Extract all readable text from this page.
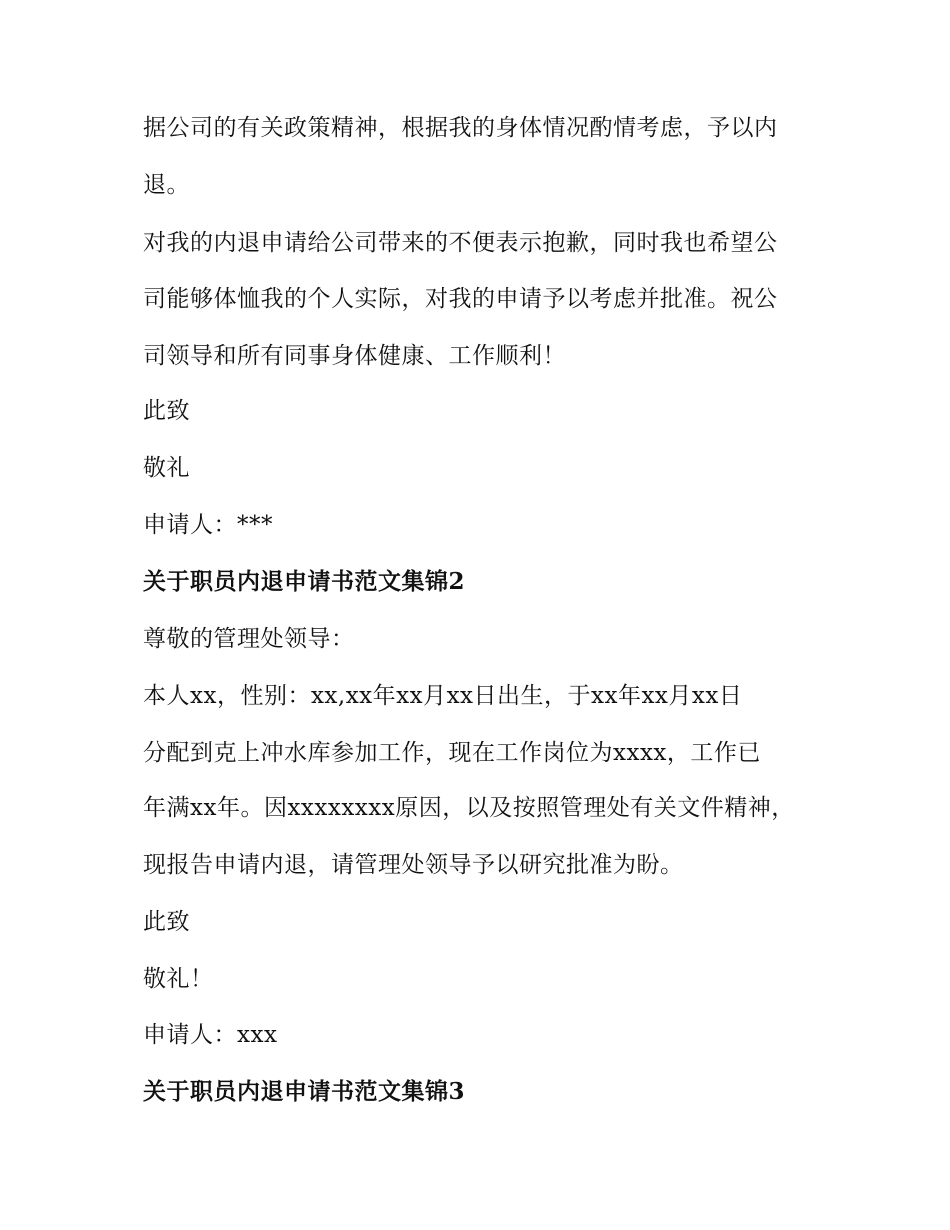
据公司的有关政策精神，根据我的身体情况酌情考虑，予以内
退。
对我的内退申请给公司带来的不便表示抱歉，同时我也希望公
司能够体恤我的个人实际，对我的申请予以考虑并批准。祝公
司领导和所有同事身体健康、工作顺利！
此致
敬礼
申请人：***
关于职员内退申请书范文集锦2
尊敬的管理处领导：
本人xx，性别：xx,xx年xx月xx日出生，于xx年xx月xx日
分配到克上冲水库参加工作，现在工作岗位为xxxx，工作已
年满xx年。因xxxxxxxx原因，以及按照管理处有关文件精神，
现报告申请内退，请管理处领导予以研究批准为盼。
此致
敬礼！
申请人：xxx
关于职员内退申请书范文集锦3
